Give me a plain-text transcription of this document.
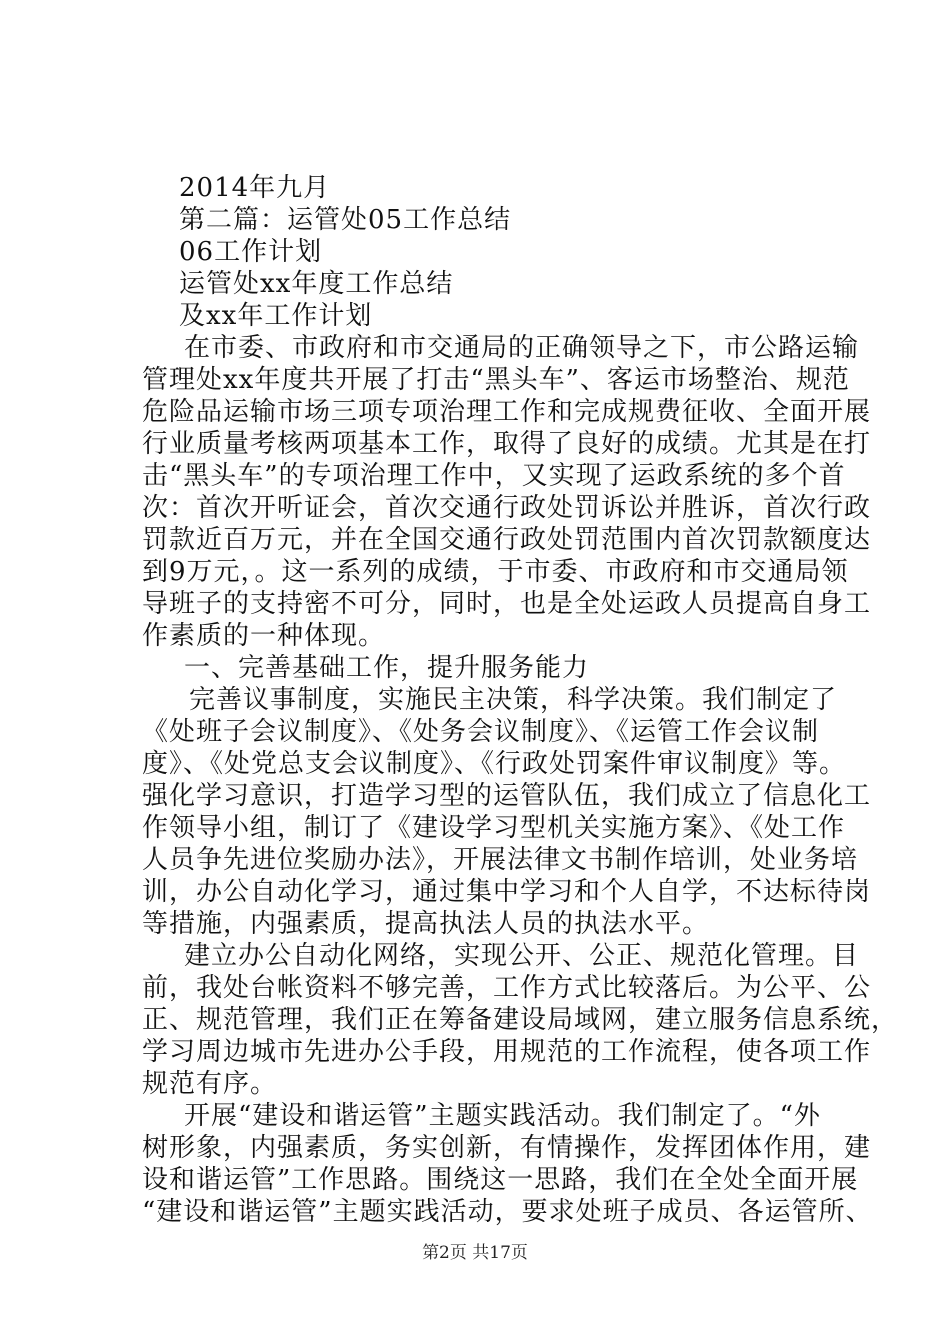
2014年九月
第二篇：运管处05工作总结
06工作计划
运管处xx年度工作总结
及xx年工作计划
在市委、市政府和市交通局的正确领导之下，市公路运输
管理处xx年度共开展了打击“黑头车”、客运市场整治、规范
危险品运输市场三项专项治理工作和完成规费征收、全面开展
行业质量考核两项基本工作，取得了良好的成绩。尤其是在打
击“黑头车”的专项治理工作中，又实现了运政系统的多个首
次：首次开听证会，首次交通行政处罚诉讼并胜诉，首次行政
罚款近百万元，并在全国交通行政处罚范围内首次罚款额度达
到9万元，。这一系列的成绩，于市委、市政府和市交通局领
导班子的支持密不可分，同时，也是全处运政人员提高自身工
作素质的一种体现。
一、完善基础工作，提升服务能力
完善议事制度，实施民主决策，科学决策。我们制定了
《处班子会议制度》、《处务会议制度》、《运管工作会议制
度》、《处党总支会议制度》、《行政处罚案件审议制度》等。
强化学习意识，打造学习型的运管队伍，我们成立了信息化工
作领导小组，制订了《建设学习型机关实施方案》、《处工作
人员争先进位奖励办法》，开展法律文书制作培训，处业务培
训，办公自动化学习，通过集中学习和个人自学，不达标待岗
等措施，内强素质，提高执法人员的执法水平。
建立办公自动化网络，实现公开、公正、规范化管理。目
前，我处台帐资料不够完善，工作方式比较落后。为公平、公
正、规范管理，我们正在筹备建设局域网，建立服务信息系统，
学习周边城市先进办公手段，用规范的工作流程，使各项工作
规范有序。
开展“建设和谐运管”主题实践活动。我们制定了。“外
树形象，内强素质，务实创新，有情操作，发挥团体作用，建
设和谐运管”工作思路。围绕这一思路，我们在全处全面开展
“建设和谐运管”主题实践活动，要求处班子成员、各运管所、
第2页 共17页
